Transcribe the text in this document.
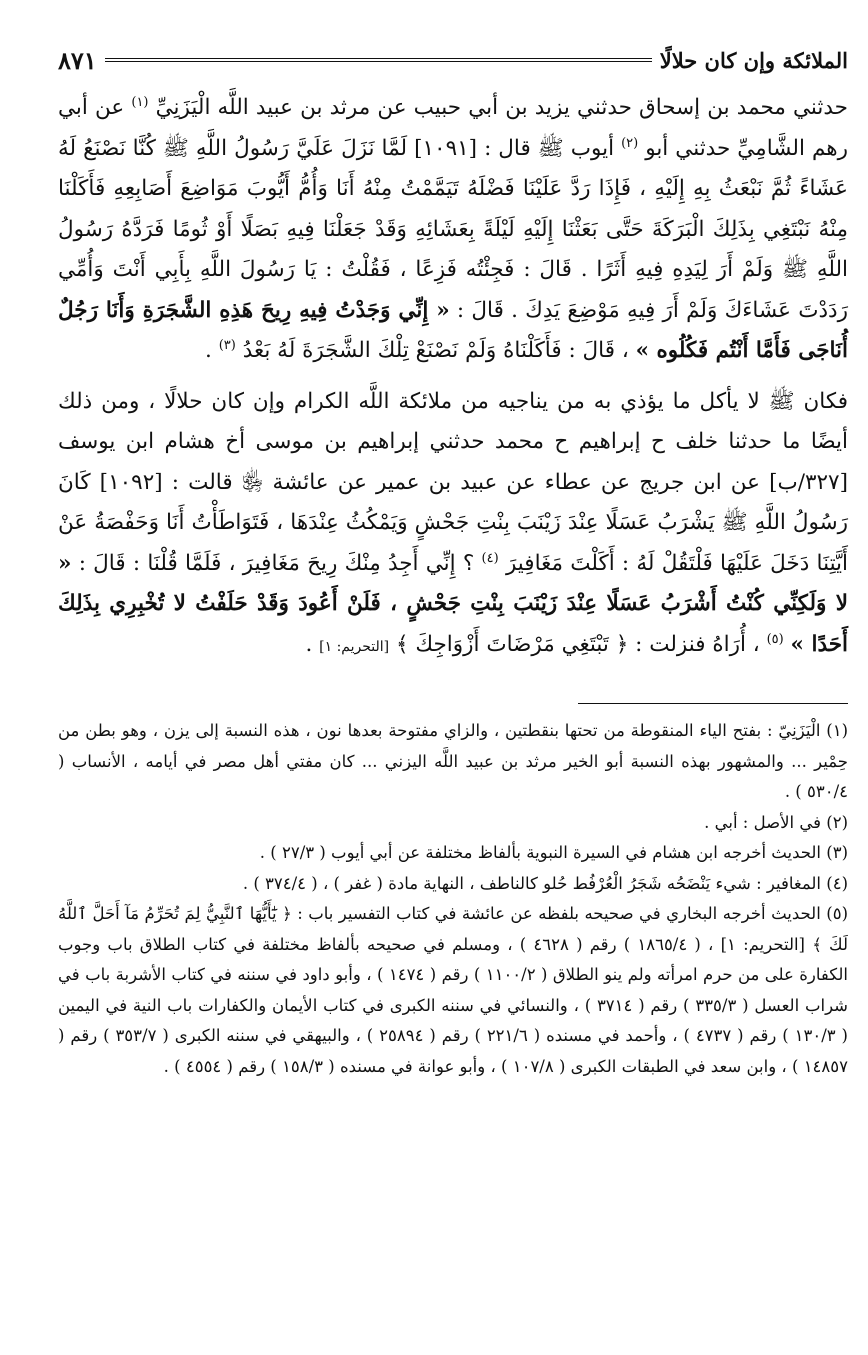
الملائكة وإن كان حلالًا
٨٧١

حدثني محمد بن إسحاق حدثني يزيد بن أبي حبيب عن مرثد بن عبيد اللَّه الْيَزَنِيِّ $^{(١)}$ عن أبي رهم الشَّامِيِّ حدثني أبو $^{(٢)}$ أيوب ﷺ قال : [١٠٩١] لَمَّا نَزَلَ عَلَيَّ رَسُولُ اللَّهِ ﷺ كُنَّا نَصْنَعُ لَهُ عَشَاءً ثُمَّ نَبْعَثُ بِهِ إِلَيْهِ ، فَإِذَا رَدَّ عَلَيْنَا فَضْلَهُ تَيَمَّمْتُ مِنْهُ أَنَا وَأُمُّ أَيُّوبَ مَوَاضِعَ أَصَابِعِهِ فَأَكَلْنَا مِنْهُ نَبْتَغِي بِذَلِكَ الْبَرَكَةَ حَتَّى بَعَثْنَا إِلَيْهِ لَيْلَةً بِعَشَائِهِ وَقَدْ جَعَلْنَا فِيهِ بَصَلًا أَوْ ثُومًا فَرَدَّهُ رَسُولُ اللَّهِ ﷺ وَلَمْ أَرَ لِيَدِهِ فِيهِ أَثَرًا . قَالَ : فَجِئْتُه فَزِعًا ، فَقُلْتُ : يَا رَسُولَ اللَّهِ بِأَبِي أَنْتَ وَأُمِّي رَدَدْتَ عَشَاءَكَ وَلَمْ أَرَ فِيهِ مَوْضِعَ يَدِكَ . قَالَ : « إِنِّي وَجَدْتُ فِيهِ رِيحَ هَذِهِ الشَّجَرَةِ وَأَنَا رَجُلٌ أُنَاجَى فَأَمَّا أَنْتُم فَكُلُوه » ، قَالَ : فَأَكَلْنَاهُ وَلَمْ نَصْنَعْ تِلْكَ الشَّجَرَةَ لَهُ بَعْدُ $^{(٣)}$ .

فكان ﷺ لا يأكل ما يؤذي به من يناجيه من ملائكة اللَّه الكرام وإن كان حلالًا ، ومن ذلك أيضًا ما حدثنا خلف ح إبراهيم ح محمد حدثني إبراهيم بن موسى أخ هشام ابن يوسف [٣٢٧/ب] عن ابن جريج عن عطاء عن عبيد بن عمير عن عائشة ﵂ قالت : [١٠٩٢] كَانَ رَسُولُ اللَّهِ ﷺ يَشْرَبُ عَسَلًا عِنْدَ زَيْنَبَ بِنْتِ جَحْشٍ وَيَمْكُثُ عِنْدَهَا ، فَتَوَاطَأْتُ أَنَا وَحَفْصَةُ عَنْ أَيَّتِنَا دَخَلَ عَلَيْهَا فَلْتَقُلْ لَهُ : أَكَلْتَ مَغَافِيرَ $^{(٤)}$ ؟ إِنِّي أَجِدُ مِنْكَ رِيحَ مَغَافِيرَ ، فَلَمَّا قُلْنَا : قَالَ : « لا وَلَكِنِّي كُنْتُ أَشْرَبُ عَسَلًا عِنْدَ زَيْنَبَ بِنْتِ جَحْشٍ ، فَلَنْ أَعُودَ وَقَدْ حَلَفْتُ لا تُخْبِرِي بِذَلِكَ أَحَدًا » $^{(٥)}$ ، أُرَاهُ فنزلت : ﴿ تَبْتَغِي مَرْضَاتَ أَزْوَاجِكَ ﴾ [التحريم: ١] .

(١) الْيَزَنِيّ : بفتح الياء المنقوطة من تحتها بنقطتين ، والزاي مفتوحة بعدها نون ، هذه النسبة إلى يزن ، وهو بطن من حِمْير ... والمشهور بهذه النسبة أبو الخير مرثد بن عبيد اللَّه اليزني ... كان مفتي أهل مصر في أيامه ، الأنساب ( ٥٣٠/٤ ) .

(٢) في الأصل : أبي .

(٣) الحديث أخرجه ابن هشام في السيرة النبوية بألفاظ مختلفة عن أبي أيوب ( ٢٧/٣ ) .

(٤) المغافير : شيء يَنْضَحُه شَجَرُ الْعُرْفُط حُلو كالناطف ، النهاية مادة ( غفر ) ، ( ٣٧٤/٤ ) .

(٥) الحديث أخرجه البخاري في صحيحه بلفظه عن عائشة في كتاب التفسير باب : ﴿ يَٰٓأَيُّهَا ٱلنَّبِيُّ لِمَ تُحَرِّمُ مَآ أَحَلَّ ٱللَّهُ لَكَ ﴾ [التحريم: ١] ، ( ١٨٦٥/٤ ) رقم ( ٤٦٢٨ ) ، ومسلم في صحيحه بألفاظ مختلفة في كتاب الطلاق باب وجوب الكفارة على من حرم امرأته ولم ينو الطلاق ( ١١٠٠/٢ ) رقم ( ١٤٧٤ ) ، وأبو داود في سننه في كتاب الأشربة باب في شراب العسل ( ٣٣٥/٣ ) رقم ( ٣٧١٤ ) ، والنسائي في سننه الكبرى في كتاب الأيمان والكفارات باب النية في اليمين ( ١٣٠/٣ ) رقم ( ٤٧٣٧ ) ، وأحمد في مسنده ( ٢٢١/٦ ) رقم ( ٢٥٨٩٤ ) ، والبيهقي في سننه الكبرى ( ٣٥٣/٧ ) رقم ( ١٤٨٥٧ ) ، وابن سعد في الطبقات الكبرى ( ١٠٧/٨ ) ، وأبو عوانة في مسنده ( ١٥٨/٣ ) رقم ( ٤٥٥٤ ) .
